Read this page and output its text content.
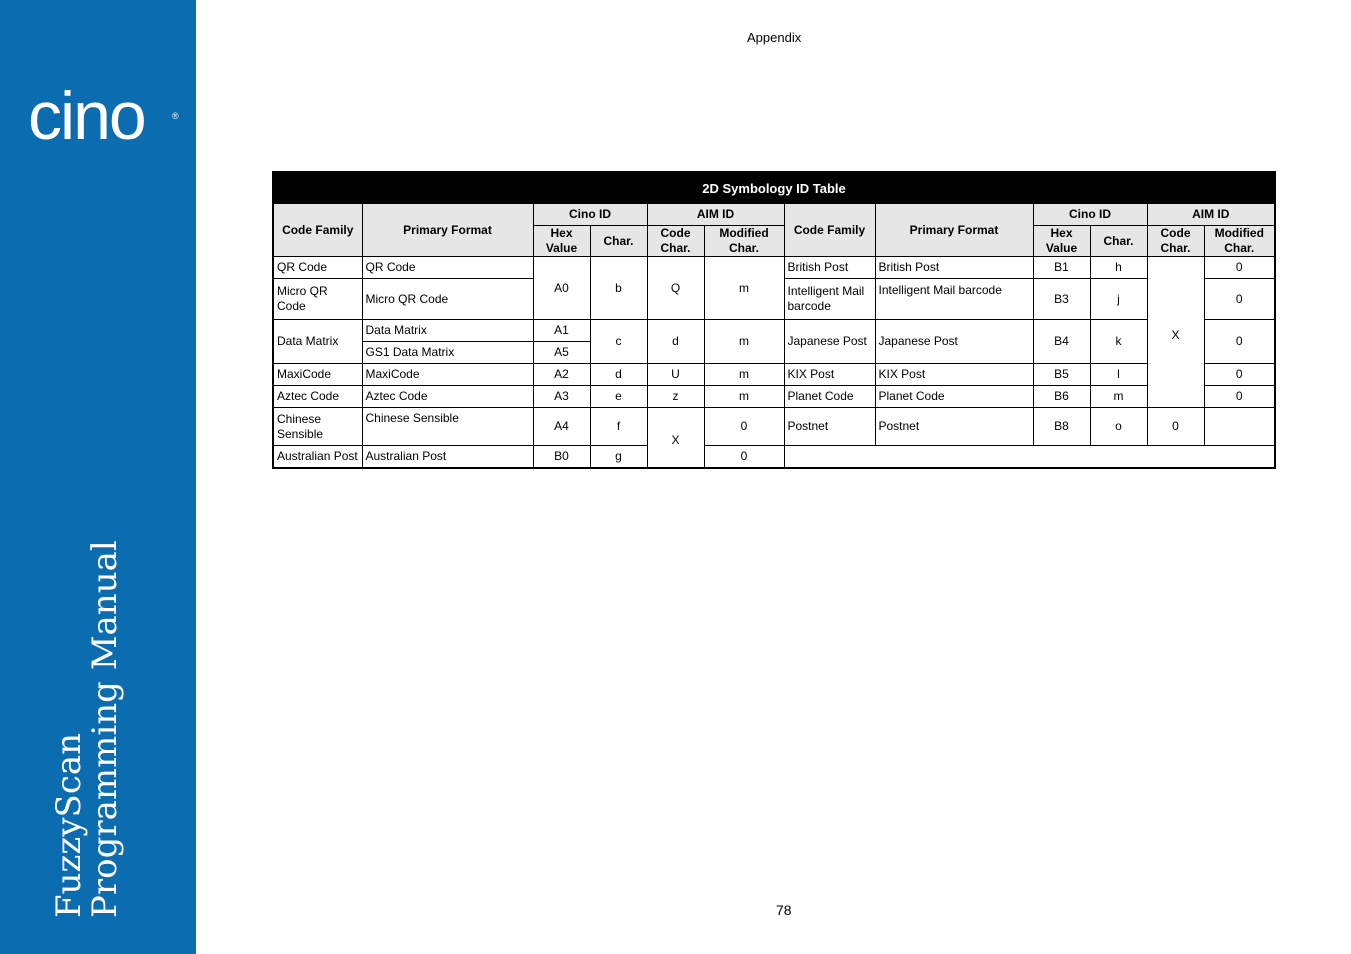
cino	®
FuzzyScan
Programming Manual
Appendix
2D Symbology ID Table											
Code Family	Primary Format	Cino ID		AIM ID		Code Family	Primary Format	Cino ID		AIM ID	
		Hex Value	Char.	Code Char.	Modified Char.			Hex Value	Char.	Code Char.	Modified Char.
QR Code	QR Code	A0	b	Q	m	British Post	British Post	B1	h	X	0
Micro QR Code	Micro QR Code					Intelligent Mail barcode	Intelligent Mail barcode	B3	j		0
Data Matrix	Data Matrix	A1	c	d	m	Japanese Post	Japanese Post	B4	k		0
	GS1 Data Matrix	A5									
MaxiCode	MaxiCode	A2	d	U	m	KIX Post	KIX Post	B5	l		0
Aztec Code	Aztec Code	A3	e	z	m	Planet Code	Planet Code	B6	m		0
Chinese Sensible	Chinese Sensible	A4	f	X	0	Postnet	Postnet	B8	o	0	
Australian Post	Australian Post	B0	g		0						
78
